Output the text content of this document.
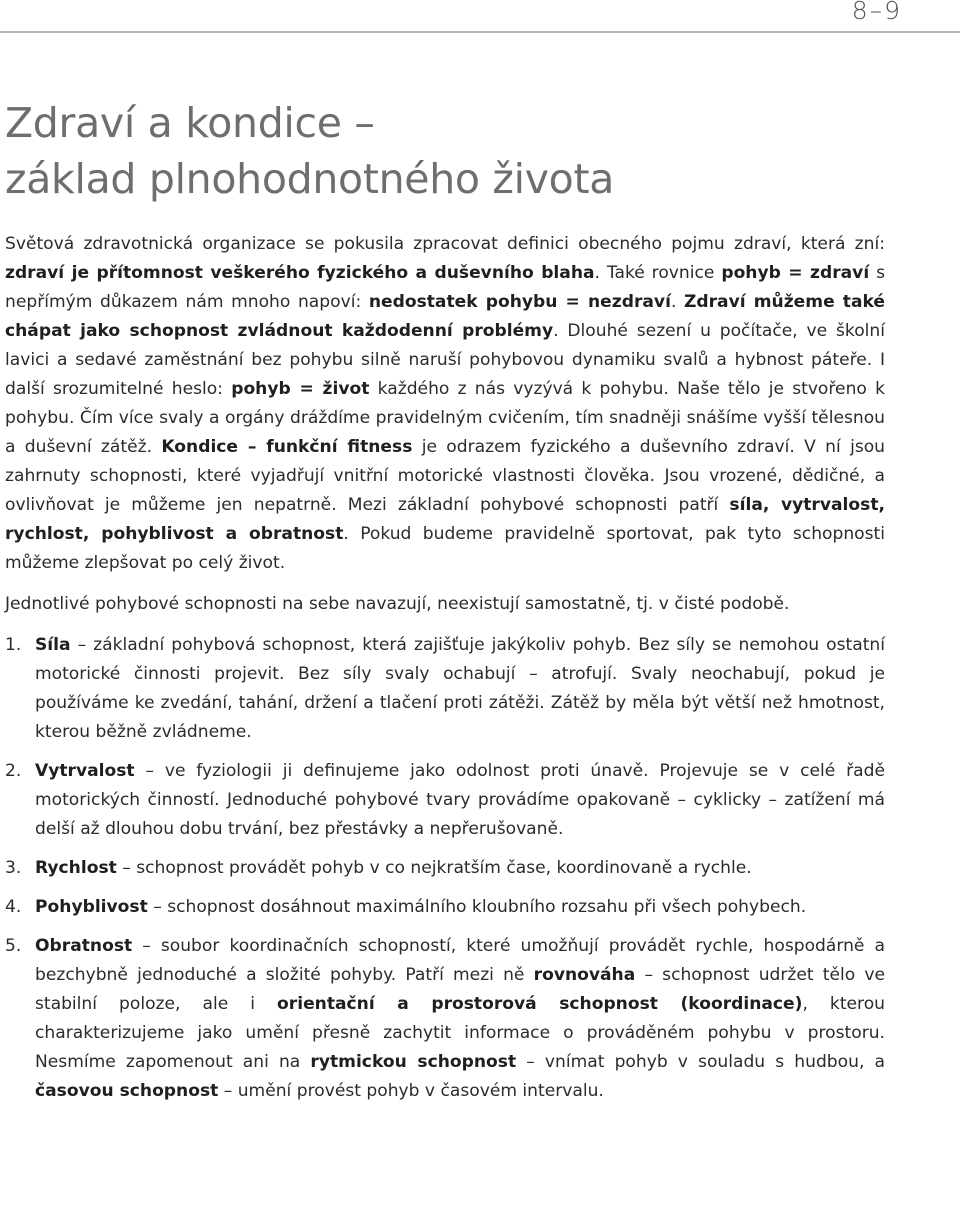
8–9
Zdraví a kondice –
základ plnohodnotného života

Světová zdravotnická organizace se pokusila zpracovat definici obecného pojmu zdraví, která zní: zdraví je přítomnost veškerého fyzického a duševního blaha. Také rovnice pohyb = zdraví s nepřímým důkazem nám mnoho napoví: nedostatek pohybu = nezdraví. Zdraví můžeme také chápat jako schopnost zvládnout každodenní problémy. Dlouhé sezení u počítače, ve školní lavici a sedavé zaměstnání bez pohybu silně naruší pohybovou dynamiku svalů a hybnost páteře. I další srozumitelné heslo: pohyb = život každého z nás vyzývá k pohybu. Naše tělo je stvořeno k pohybu. Čím více svaly a orgány dráždíme pravidelným cvičením, tím snadněji snášíme vyšší tělesnou a duševní zátěž. Kondice – funkční fitness je odrazem fyzického a duševního zdraví. V ní jsou zahrnuty schopnosti, které vyjadřují vnitřní motorické vlastnosti člověka. Jsou vrozené, dědičné, a ovlivňovat je můžeme jen nepatrně. Mezi základní pohybové schopnosti patří síla, vytrvalost, rychlost, pohyblivost a obratnost. Pokud budeme pravidelně sportovat, pak tyto schopnosti můžeme zlepšovat po celý život.

Jednotlivé pohybové schopnosti na sebe navazují, neexistují samostatně, tj. v čisté podobě.

1. Síla – základní pohybová schopnost, která zajišťuje jakýkoliv pohyb. Bez síly se nemohou ostatní motorické činnosti projevit. Bez síly svaly ochabují – atrofují. Svaly neochabují, pokud je používáme ke zvedání, tahání, držení a tlačení proti zátěži. Zátěž by měla být větší než hmotnost, kterou běžně zvládneme.
2. Vytrvalost – ve fyziologii ji definujeme jako odolnost proti únavě. Projevuje se v celé řadě motorických činností. Jednoduché pohybové tvary provádíme opakovaně – cyklicky – zatížení má delší až dlouhou dobu trvání, bez přestávky a nepřerušovaně.
3. Rychlost – schopnost provádět pohyb v co nejkratším čase, koordinovaně a rychle.
4. Pohyblivost – schopnost dosáhnout maximálního kloubního rozsahu při všech pohybech.
5. Obratnost – soubor koordinačních schopností, které umožňují provádět rychle, hospodárně a bezchybně jednoduché a složité pohyby. Patří mezi ně rovnováha – schopnost udržet tělo ve stabilní poloze, ale i orientační a prostorová schopnost (koordinace), kterou charakterizujeme jako umění přesně zachytit informace o prováděném pohybu v prostoru. Nesmíme zapomenout ani na rytmickou schopnost – vnímat pohyb v souladu s hudbou, a časovou schopnost – umění provést pohyb v časovém intervalu.
